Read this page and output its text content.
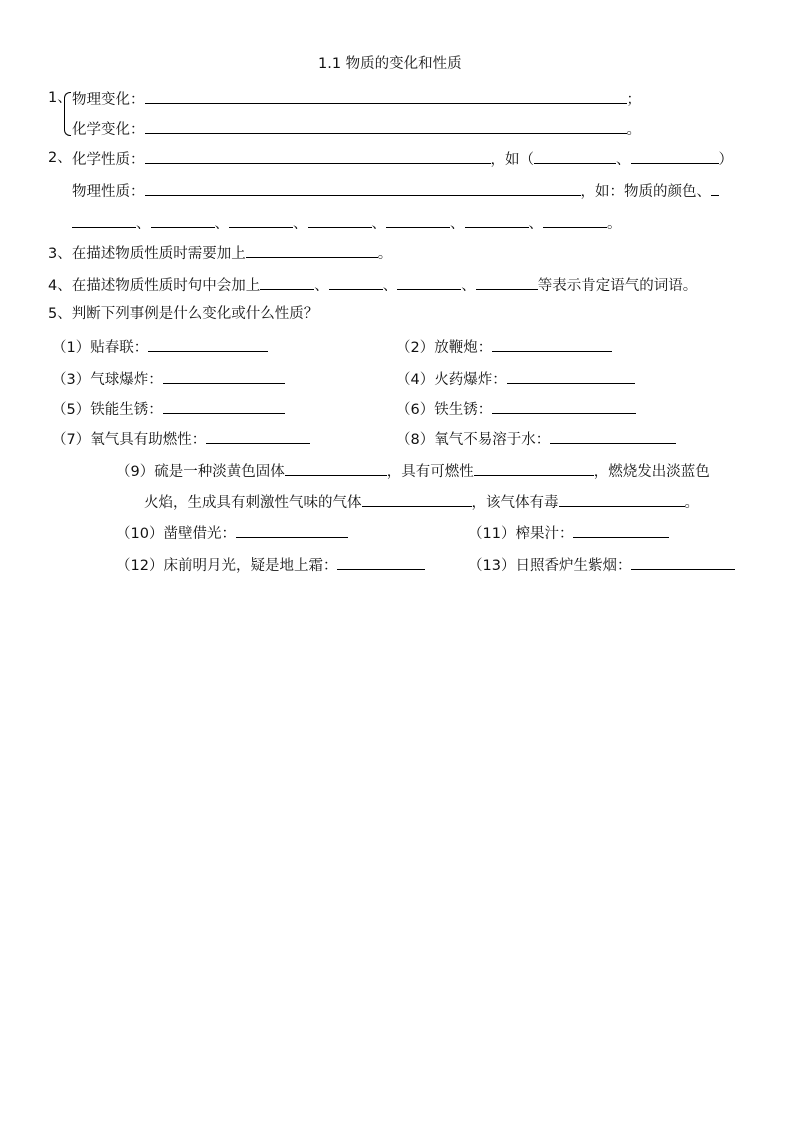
1.1 物质的变化和性质
1、 物理变化：	；
化学变化：	。
2、 化学性质：	，如（	、	）
物理性质：	，如：物质的颜色、
、	、	、	、	、	、	。
3、在描述物质性质时需要加上	。
4、在描述物质性质时句中会加上	、	、	、	等表示肯定语气的词语。
5、判断下列事例是什么变化或什么性质？
（1）贴春联：	（2）放鞭炮：
（3）气球爆炸：	（4）火药爆炸：
（5）铁能生锈：	（6）铁生锈：
（7）氧气具有助燃性：	（8）氧气不易溶于水：
（9）硫是一种淡黄色固体	，具有可燃性	，燃烧发出淡蓝色
火焰，生成具有刺激性气味的气体	，该气体有毒	。
（10）凿壁借光：	（11）榨果汁：
（12）床前明月光，疑是地上霜：	（13）日照香炉生紫烟：
